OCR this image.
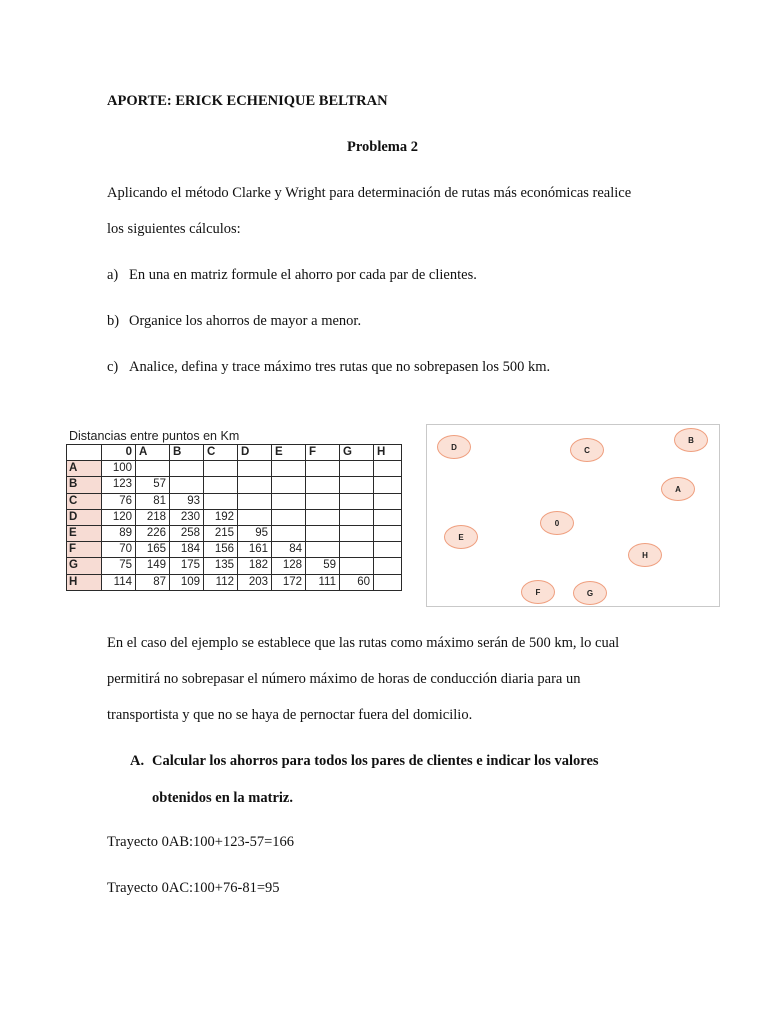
APORTE: ERICK ECHENIQUE BELTRAN
Problema 2
Aplicando el método Clarke y Wright para determinación de rutas más económicas realice
los siguientes cálculos:
a) En una en matriz formule el ahorro por cada par de clientes.
b) Organice los ahorros de mayor a menor.
c) Analice, defina y trace máximo tres rutas que no sobrepasen los 500 km.
Distancias entre puntos en Km
	0	A	B	C	D	E	F	G	H
A	100								
B	123	57							
C	76	81	93						
D	120	218	230	192					
E	89	226	258	215	95				
F	70	165	184	156	161	84			
G	75	149	175	135	182	128	59		
H	114	87	109	112	203	172	111	60	
D	C
B
A
0
E
H
F	G
En el caso del ejemplo se establece que las rutas como máximo serán de 500 km, lo cual
permitirá no sobrepasar el número máximo de horas de conducción diaria para un
transportista y que no se haya de pernoctar fuera del domicilio.
A. Calcular los ahorros para todos los pares de clientes e indicar los valores
obtenidos en la matriz.
Trayecto 0AB:100+123-57=166
Trayecto 0AC:100+76-81=95
